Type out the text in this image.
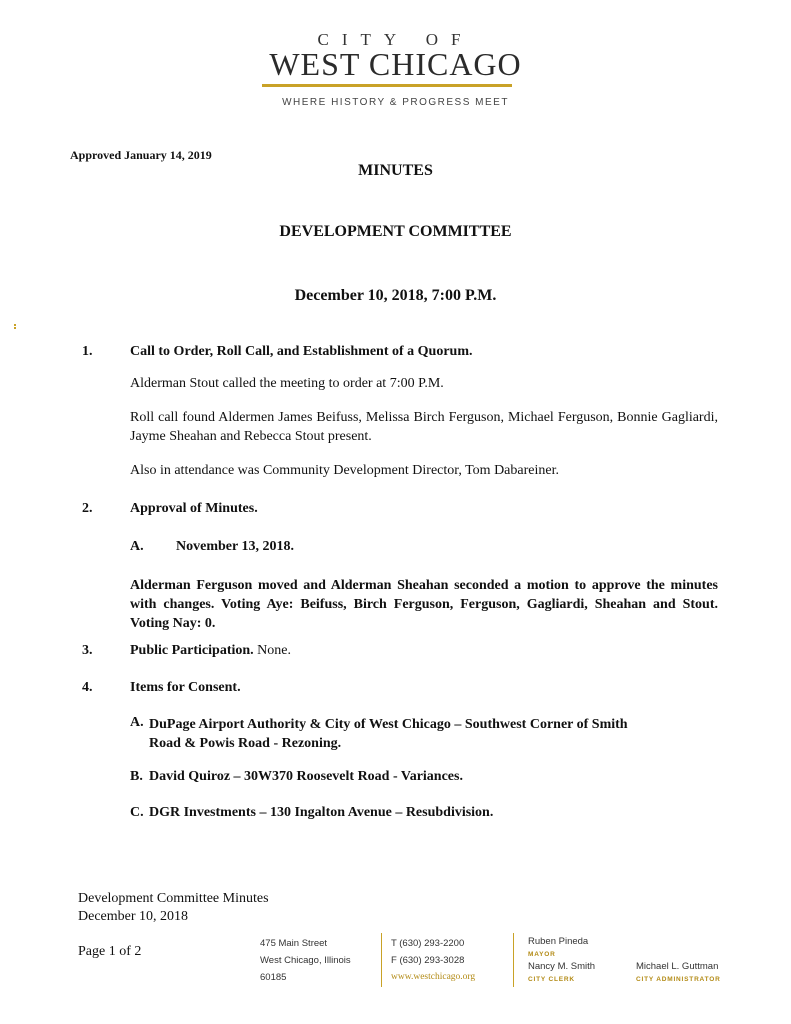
CITY OF
WEST CHICAGO
WHERE HISTORY & PROGRESS MEET
Approved January 14, 2019
MINUTES
DEVELOPMENT COMMITTEE
December 10, 2018, 7:00 P.M.
1.	Call to Order, Roll Call, and Establishment of a Quorum.
Alderman Stout called the meeting to order at 7:00 P.M.
Roll call found Aldermen James Beifuss, Melissa Birch Ferguson, Michael Ferguson, Bonnie Gagliardi, Jayme Sheahan and Rebecca Stout present.
Also in attendance was Community Development Director, Tom Dabareiner.
2.	Approval of Minutes.
A. November 13, 2018.
Alderman Ferguson moved and Alderman Sheahan seconded a motion to approve the minutes with changes. Voting Aye: Beifuss, Birch Ferguson, Ferguson, Gagliardi, Sheahan and Stout. Voting Nay: 0.
3.	Public Participation. None.
4.	Items for Consent.
A. DuPage Airport Authority & City of West Chicago – Southwest Corner of Smith
Road & Powis Road - Rezoning.
B. David Quiroz – 30W370 Roosevelt Road - Variances.
C. DGR Investments – 130 Ingalton Avenue – Resubdivision.
Development Committee Minutes
December 10, 2018
Page 1 of 2
475 Main Street
West Chicago, Illinois
60185
T (630) 293-2200
F (630) 293-3028
www.westchicago.org
Ruben Pineda
MAYOR
Nancy M. Smith
CITY CLERK
Michael L. Guttman
CITY ADMINISTRATOR
